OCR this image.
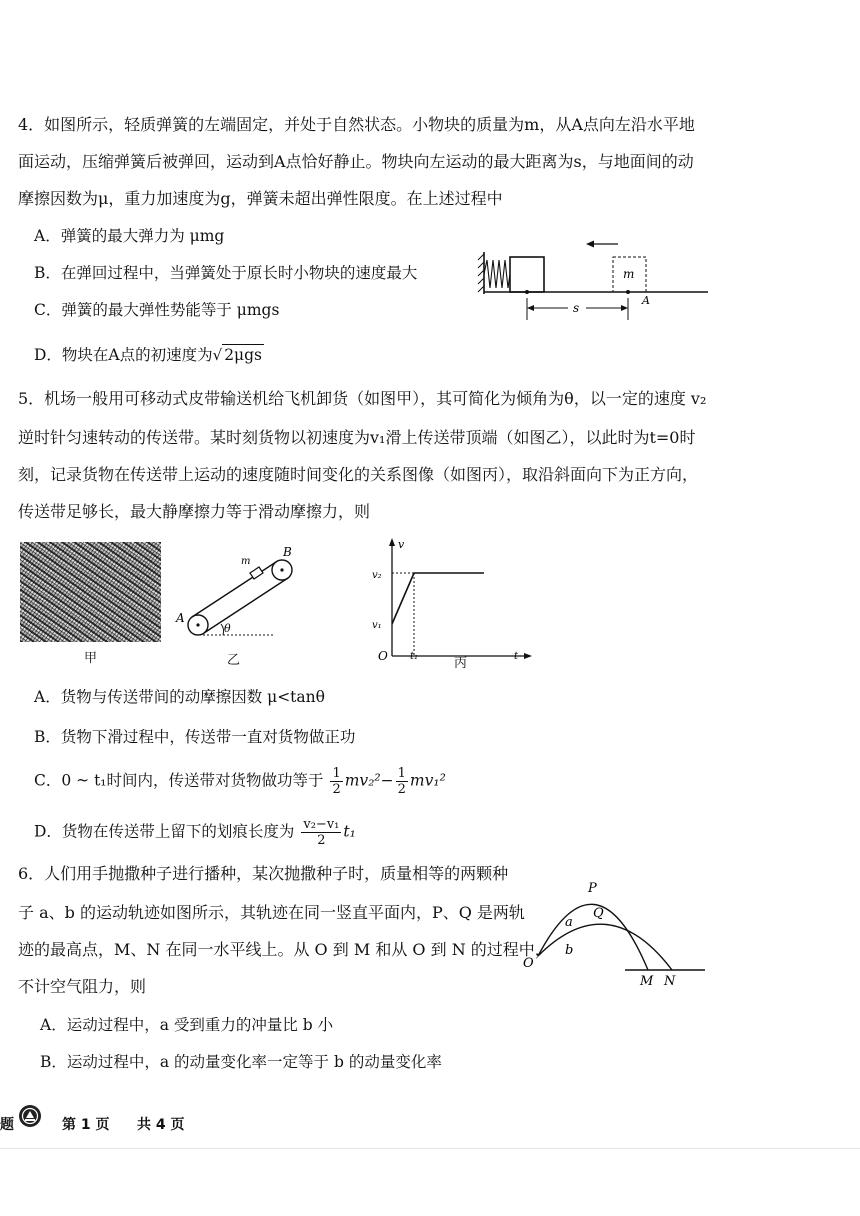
4．如图所示，轻质弹簧的左端固定，并处于自然状态。小物块的质量为m，从A点向左沿水平地
面运动，压缩弹簧后被弹回，运动到A点恰好静止。物块向左运动的最大距离为s，与地面间的动
摩擦因数为μ，重力加速度为g，弹簧未超出弹性限度。在上述过程中
A．弹簧的最大弹力为 μmg
B．在弹回过程中，当弹簧处于原长时小物块的速度最大
C．弹簧的最大弹性势能等于 μmgs
D．物块在A点的初速度为√ 2μgs
m
A
s
5．机场一般用可移动式皮带输送机给飞机卸货（如图甲），其可简化为倾角为θ，以一定的速度 v₂
逆时针匀速转动的传送带。某时刻货物以初速度为v₁滑上传送带顶端（如图乙），以此时为t=0时
刻，记录货物在传送带上运动的速度随时间变化的关系图像（如图丙），取沿斜面向下为正方向，
传送带足够长，最大静摩擦力等于滑动摩擦力，则
甲
m
B
A
θ
乙
v
v₂
v₁
O t₁	t
丙
A．货物与传送带间的动摩擦因数 μ<tanθ
B．货物下滑过程中，传送带一直对货物做正功
C．0 ~ t₁时间内，传送带对货物做功等于 $\frac{1}{2} mv_2^2- \frac{1}{2} mv_1^2$
D．货物在传送带上留下的划痕长度为 $\frac{\text{v₂−v₁}}{2} t_1$
6．人们用手抛撒种子进行播种，某次抛撒种子时，质量相等的两颗种
子 a、b 的运动轨迹如图所示，其轨迹在同一竖直平面内，P、Q 是两轨
迹的最高点，M、N 在同一水平线上。从 O 到 M 和从 O 到 N 的过程中，
不计空气阻力，则
A．运动过程中，a 受到重力的冲量比 b 小
B．运动过程中，a 的动量变化率一定等于 b 的动量变化率
P
Q
a
b
O
M N
题	第 1 页 共 4 页
